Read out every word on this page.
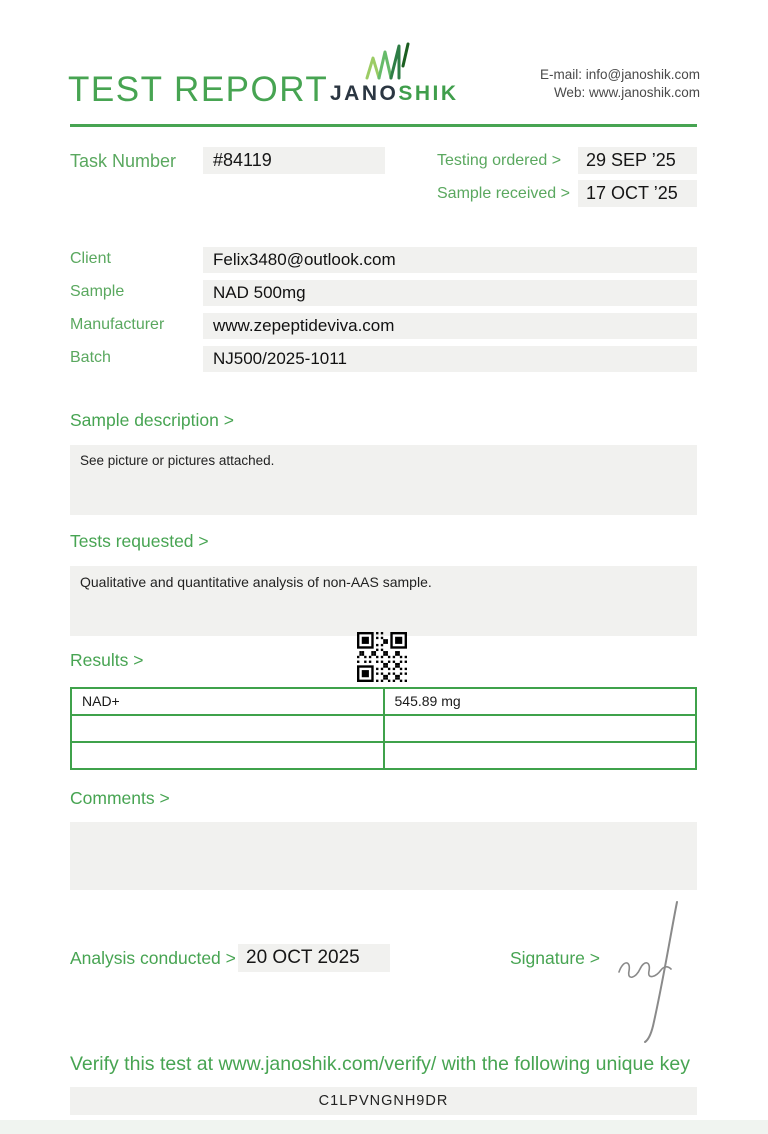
TEST REPORT JANOSHIK
E-mail: info@janoshik.com
Web: www.janoshik.com
Task Number	#84119	Testing ordered >	29 SEP ’25
Sample received > 17 OCT ’25
Client	Felix3480@outlook.com
Sample	NAD 500mg
Manufacturer	www.zepeptideviva.com
Batch	NJ500/2025-1011
Sample description >
See picture or pictures attached.
Tests requested >
Qualitative and quantitative analysis of non-AAS sample.
Results >
NAD+	545.89 mg
Comments >
Analysis conducted > 20 OCT 2025	Signature >
Verify this test at www.janoshik.com/verify/ with the following unique key
C1LPVNGNH9DR
